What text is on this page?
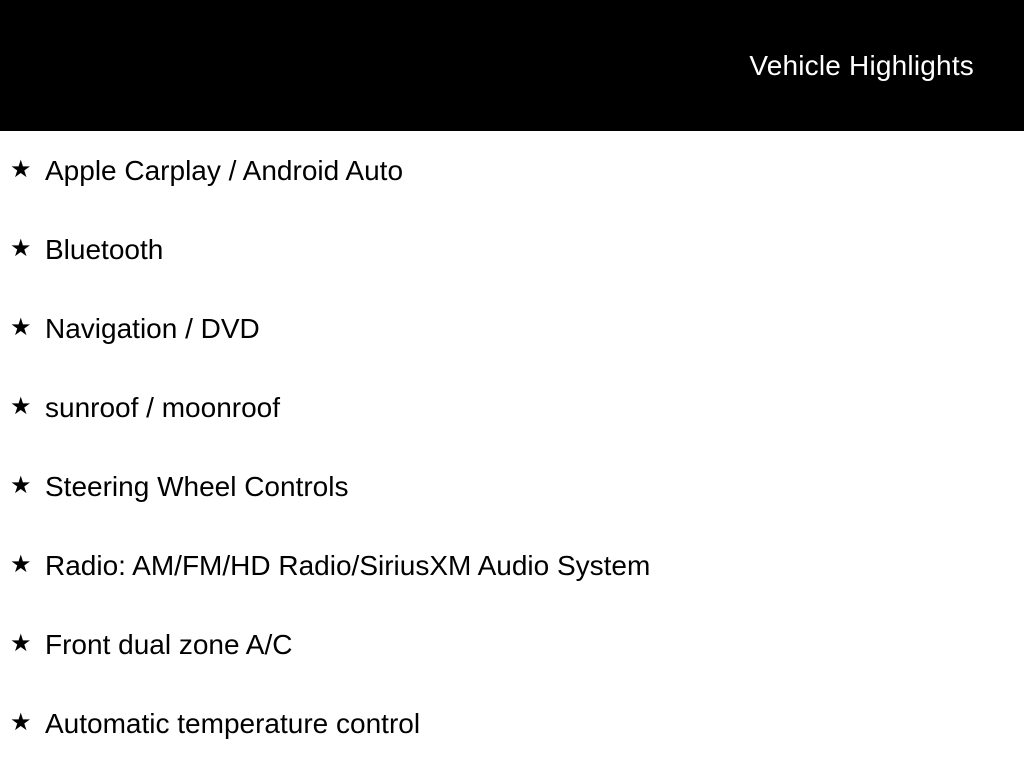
Vehicle Highlights
★ Apple Carplay / Android Auto
★ Bluetooth
★ Navigation / DVD
★ sunroof / moonroof
★ Steering Wheel Controls
★ Radio: AM/FM/HD Radio/SiriusXM Audio System
★ Front dual zone A/C
★ Automatic temperature control
